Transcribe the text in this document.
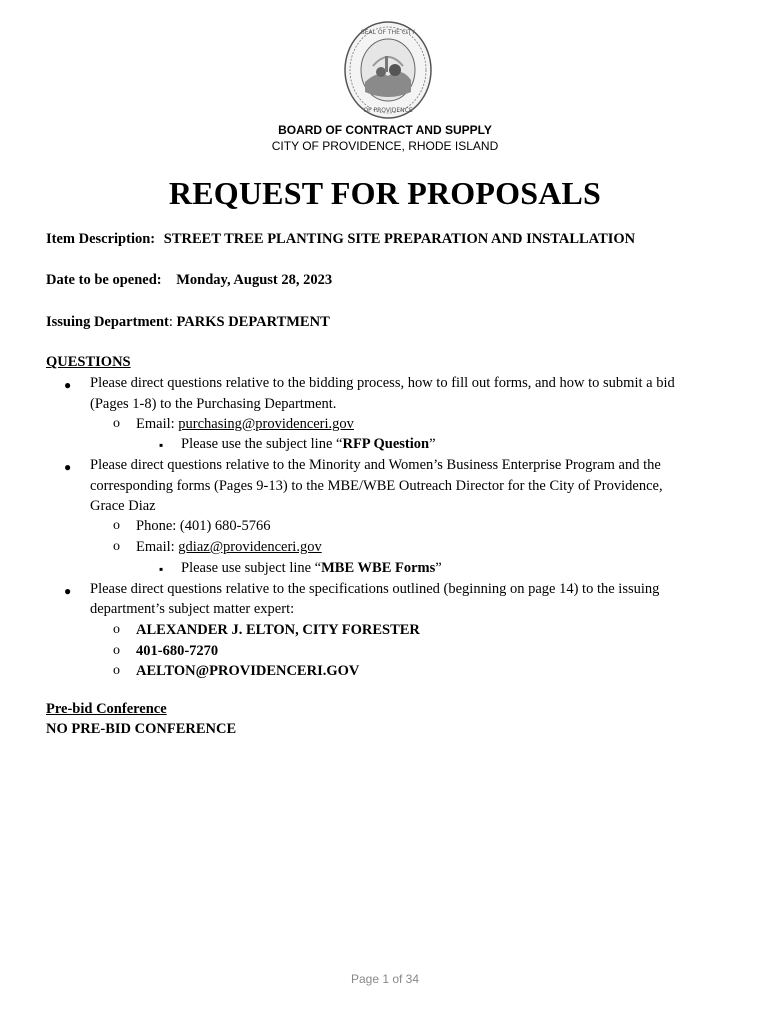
SEAL OF THE CITY
OF PROVIDENCE
BOARD OF CONTRACT AND SUPPLY
CITY OF PROVIDENCE, RHODE ISLAND
REQUEST FOR PROPOSALS
Item Description: STREET TREE PLANTING SITE PREPARATION AND INSTALLATION
Date to be opened: Monday, August 28, 2023
Issuing Department: PARKS DEPARTMENT
QUESTIONS
● Please direct questions relative to the bidding process, how to fill out forms, and how to submit a bid
(Pages 1-8) to the Purchasing Department.
o Email: purchasing@providenceri.gov
▪ Please use the subject line “RFP Question”
● Please direct questions relative to the Minority and Women’s Business Enterprise Program and the
corresponding forms (Pages 9-13) to the MBE/WBE Outreach Director for the City of Providence,
Grace Diaz
o Phone: (401) 680-5766
o Email: gdiaz@providenceri.gov
▪ Please use subject line “MBE WBE Forms”
● Please direct questions relative to the specifications outlined (beginning on page 14) to the issuing
department’s subject matter expert:
o ALEXANDER J. ELTON, CITY FORESTER
o 401-680-7270
o AELTON@PROVIDENCERI.GOV
Pre-bid Conference
NO PRE-BID CONFERENCE
Page 1 of 34
